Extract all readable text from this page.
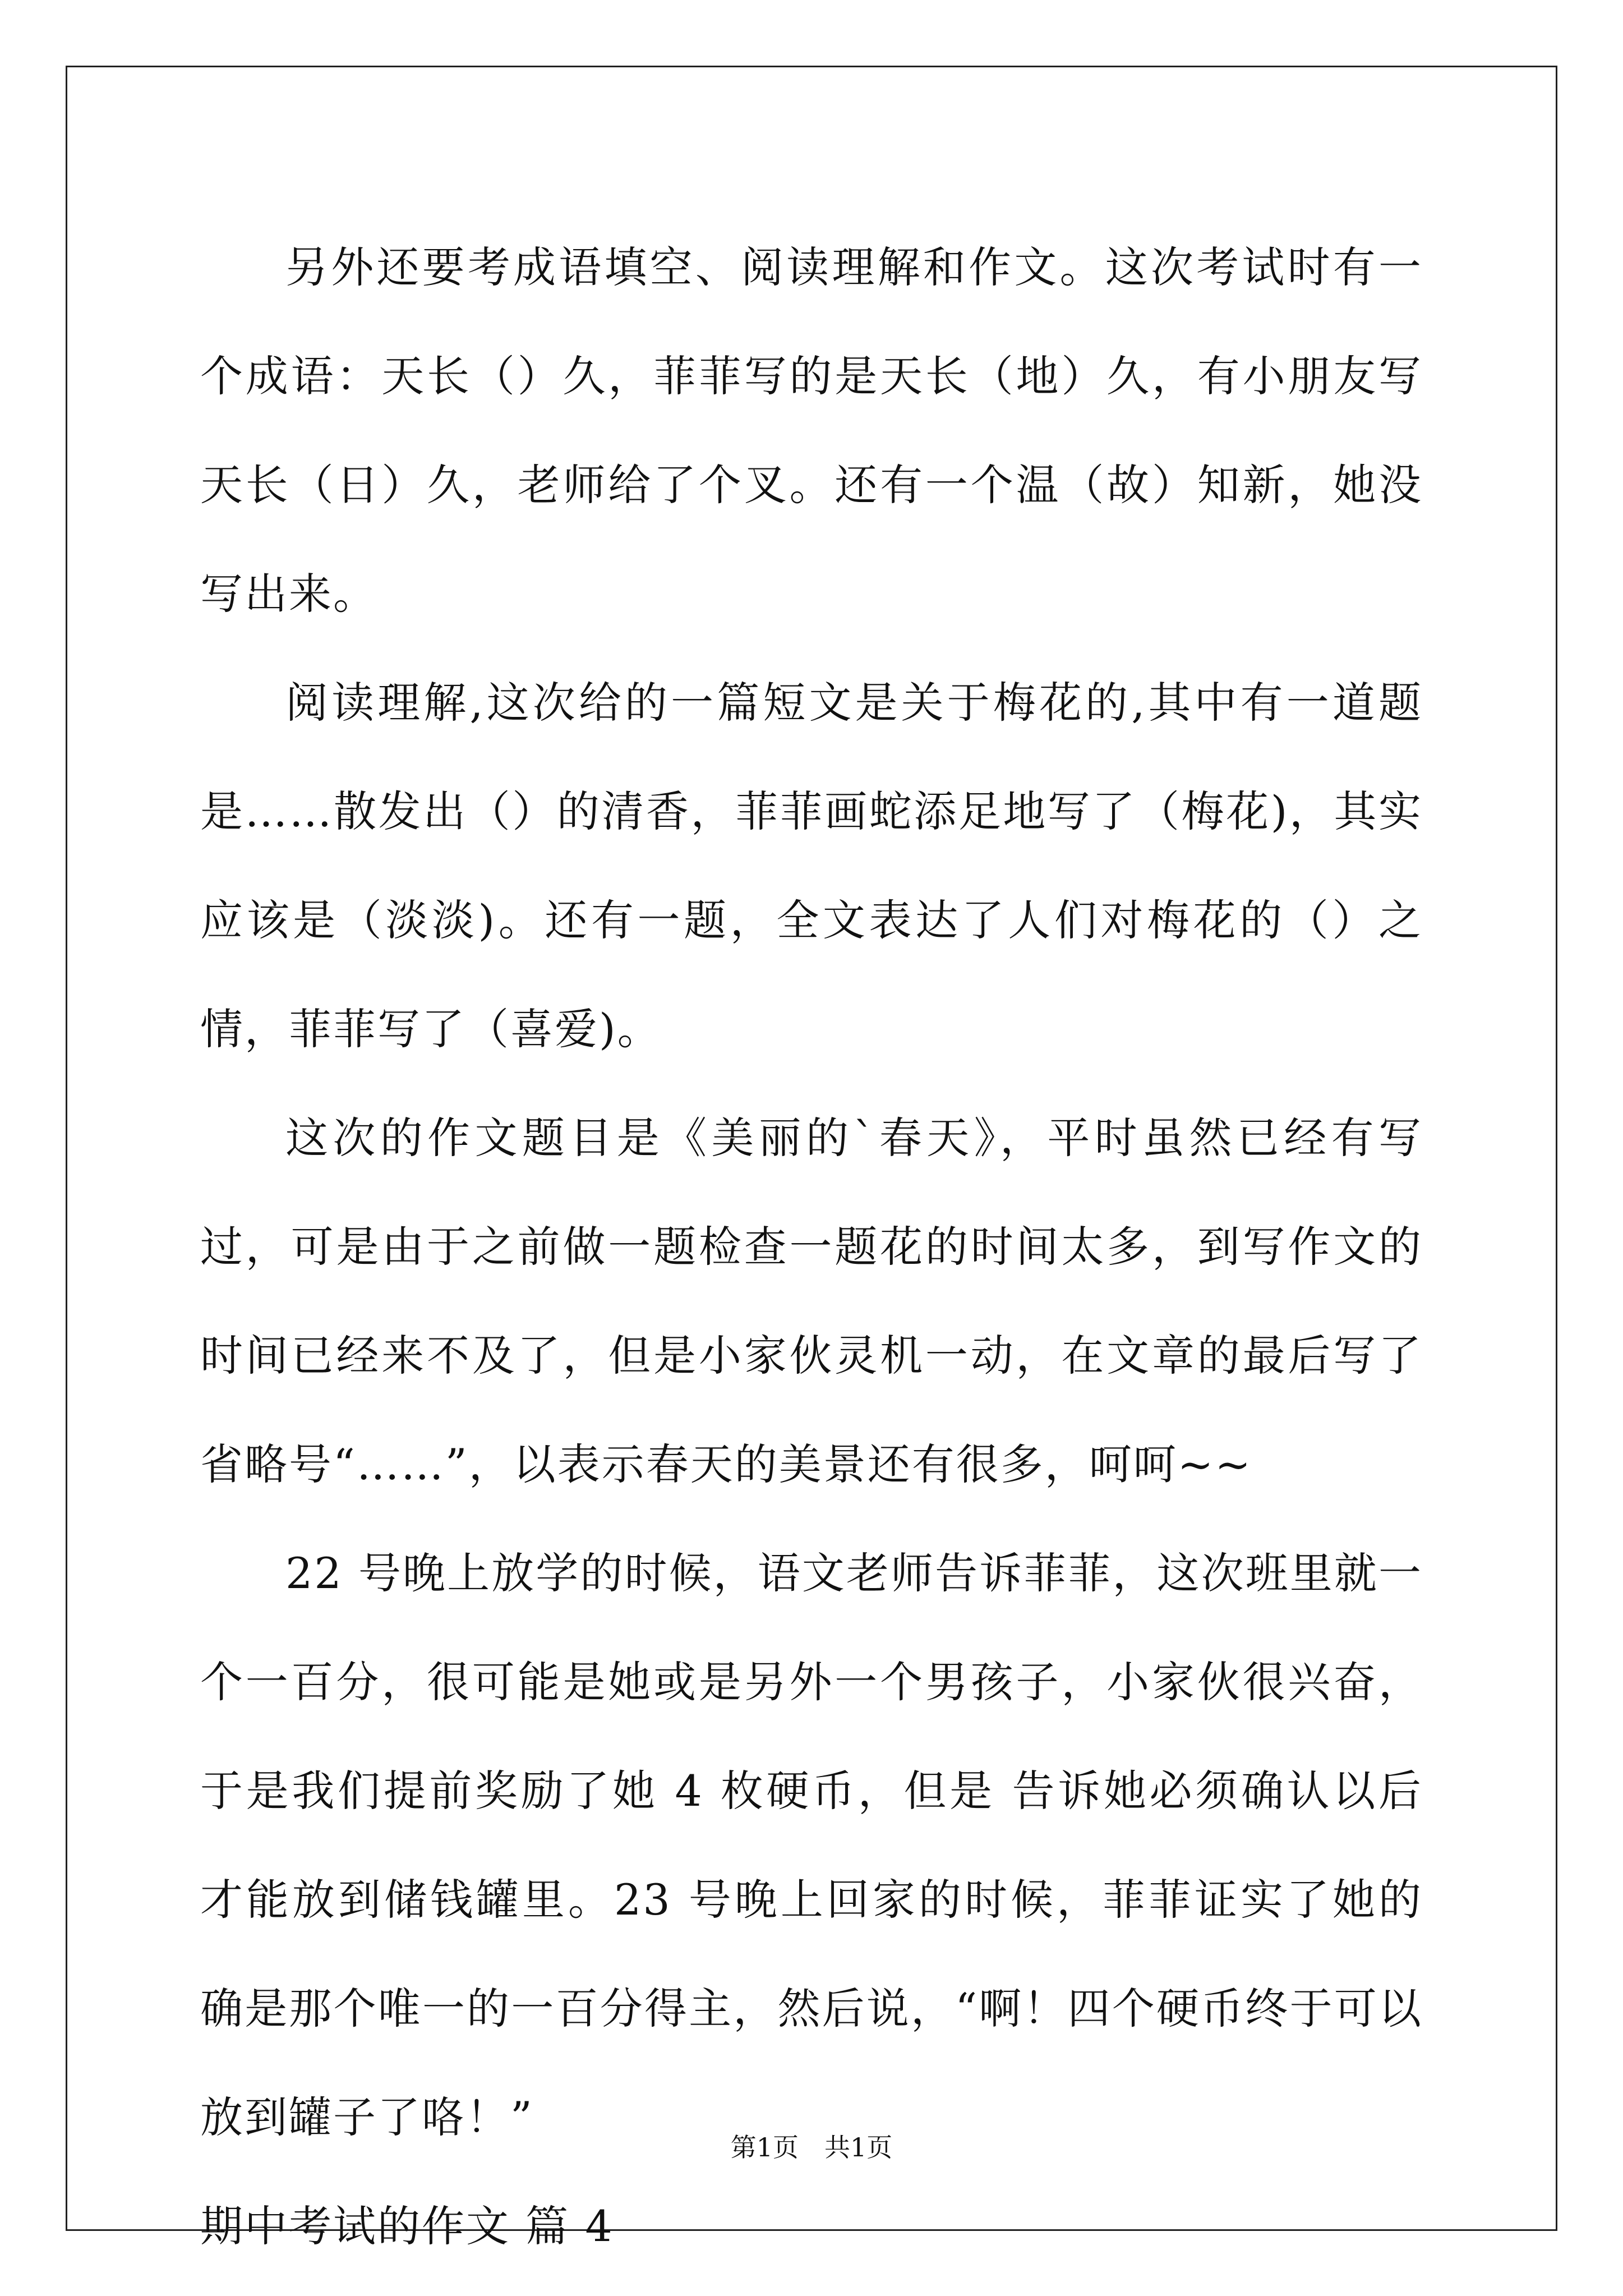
另外还要考成语填空、阅读理解和作文。这次考试时有一个成语：天长（）久，菲菲写的是天长（地）久，有小朋友写天长（日）久，老师给了个叉。还有一个温（故）知新，她没写出来。

阅读理解,这次给的一篇短文是关于梅花的,其中有一道题是……散发出（）的清香，菲菲画蛇添足地写了（梅花)，其实应该是（淡淡)。还有一题，全文表达了人们对梅花的（）之情，菲菲写了（喜爱)。

这次的作文题目是《美丽的`春天》，平时虽然已经有写过，可是由于之前做一题检查一题花的时间太多，到写作文的时间已经来不及了，但是小家伙灵机一动，在文章的最后写了省略号“……”，以表示春天的美景还有很多，呵呵~~

22 号晚上放学的时候，语文老师告诉菲菲，这次班里就一个一百分，很可能是她或是另外一个男孩子，小家伙很兴奋，于是我们提前奖励了她 4 枚硬币，但是 告诉她必须确认以后才能放到储钱罐里。23 号晚上回家的时候，菲菲证实了她的确是那个唯一的一百分得主，然后说，“啊！四个硬币终于可以放到罐子了咯！”

期中考试的作文 篇 4

第1页　共1页
